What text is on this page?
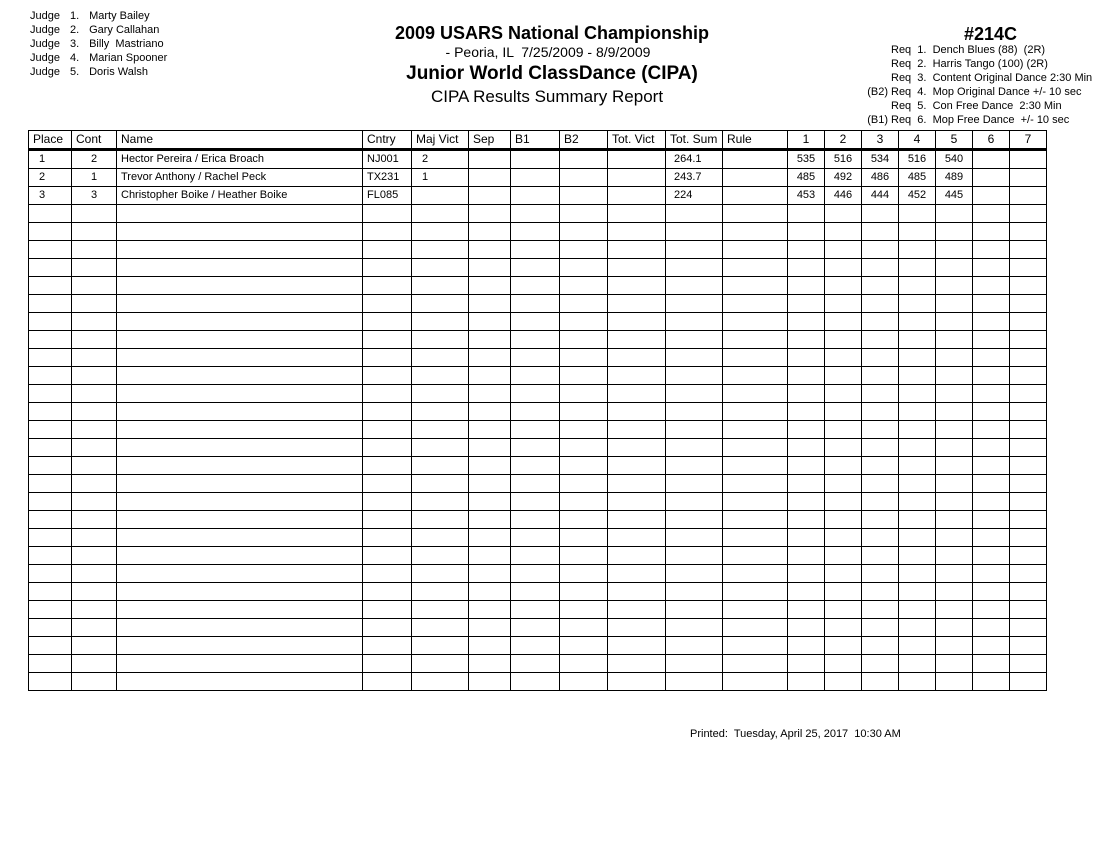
Judge 1. Marty Bailey
Judge 2. Gary Callahan
Judge 3. Billy  Mastriano
Judge 4. Marian Spooner
Judge 5. Doris Walsh
2009 USARS National Championship
- Peoria, IL  7/25/2009 - 8/9/2009
Junior World ClassDance (CIPA)
CIPA Results Summary Report
#214C
Req  1.  Dench Blues (88)  (2R)
Req  2.  Harris Tango (100) (2R)
Req  3.  Content Original Dance 2:30 Min
(B2) Req  4.  Mop Original Dance +/- 10 sec
Req  5.  Con Free Dance  2:30 Min
(B1) Req  6.  Mop Free Dance  +/- 10 sec
Place	Cont	Name	Cntry	Maj Vict	Sep	B1	B2	Tot. Vict	Tot. Sum	Rule	1	2	3	4	5	6	7
1	2	Hector Pereira / Erica Broach	NJ001	2					264.1		535	516	534	516	540		
2	1	Trevor Anthony / Rachel Peck	TX231	1					243.7		485	492	486	485	489		
3	3	Christopher Boike / Heather Boike	FL085						224		453	446	444	452	445		

Printed:  Tuesday, April 25, 2017  10:30 AM
